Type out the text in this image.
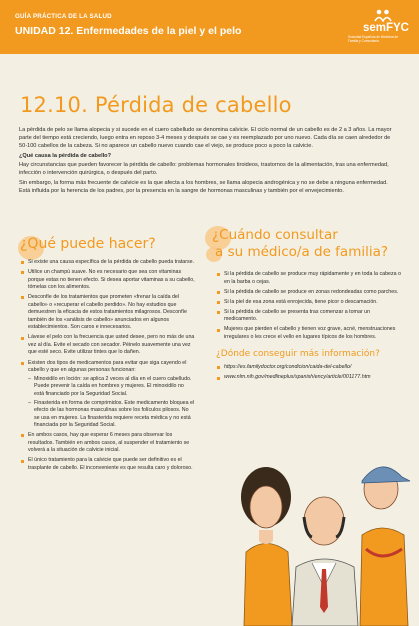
GUÍA PRÁCTICA DE LA SALUD
UNIDAD 12. Enfermedades de la piel y el pelo	semFYC
Sociedad Española de Medicina de Familia y Comunitaria
12.10. Pérdida de cabello

La pérdida de pelo se llama alopecia y si sucede en el cuero cabelludo se denomina calvicie. El ciclo normal de un cabello es de 2 a 3 años. La mayor parte del tiempo está creciendo, luego entra en reposo 3-4 meses y después se cae y es reemplazado por uno nuevo. Cada día se caen alrededor de 50-100 cabellos de la cabeza. Si no aparece un cabello nuevo cuando cae el viejo, se produce poco a poco la calvicie.

¿Qué causa la pérdida de cabello?

Hay circunstancias que pueden favorecer la pérdida de cabello: problemas hormonales tiroideos, trastornos de la alimentación, tras una enfermedad, infección o intervención quirúrgica, o después del parto.

Sin embargo, la forma más frecuente de calvicie es la que afecta a los hombres, se llama alopecia androgénica y no se debe a ninguna enfermedad. Está influida por la herencia de los padres, por la presencia en la sangre de hormonas masculinas y también por el envejecimiento.

¿Qué puede hacer?
Si existe una causa específica de la pérdida de cabello pueda tratarse.
Utilice un champú suave. No es necesario que sea con vitaminas porque estas no tienen efecto. Si desea aportar vitaminas a su cabello, tómelas con los alimentos.
Desconfíe de los tratamientos que prometen «frenar la caída del cabello» o «recuperar el cabello perdido». No hay estudios que demuestren la eficacia de estos tratamientos milagrosos. Desconfíe también de los «análisis de cabello» anunciados en algunos establecimientos. Son caros e innecesarios.
Lávese el pelo con la frecuencia que usted desee, pero no más de una vez al día. Evite el secado con secador. Péinelo suavemente una vez que esté seco. Evite utilizar tintes que lo dañen.
Existen dos tipos de medicamentos para evitar que siga cayendo el cabello y que en algunas personas funcionan:
– Minoxidilo en loción: se aplica 2 veces al día en el cuero cabelludo. Puede prevenir la caída en hombres y mujeres. El minoxidilo no está financiado por la Seguridad Social.
– Finasterida en forma de comprimidos. Este medicamento bloquea el efecto de las hormonas masculinas sobre los folículos pilosos. No se usa en mujeres. La finasterida requiere receta médica y no está financiada por la Seguridad Social.
En ambos casos, hay que esperar 6 meses para observar los resultados. También en ambos casos, al suspender el tratamiento se volverá a la situación de calvicie inicial.
El único tratamiento para la calvicie que puede ser definitivo es el trasplante de cabello. El inconveniente es que resulta caro y doloroso.
¿Cuándo consultar
a su médico/a de familia?
Si la pérdida de cabello se produce muy rápidamente y en toda la cabeza o en la barba o cejas.
Si la pérdida de cabello se produce en zonas redondeadas como parches.
Si la piel de esa zona está enrojecida, tiene picor o descamación.
Si la pérdida de cabello se presenta tras comenzar a tomar un medicamento.
Mujeres que pierden el cabello y tienen voz grave, acné, menstruaciones irregulares o les crece el vello en lugares típicos de los hombres.
¿Dónde conseguir más información?
https://es.familydoctor.org/condicion/caida-del-cabello/
www.nlm.nih.gov/medlineplus/spanish/ency/article/001177.htm
